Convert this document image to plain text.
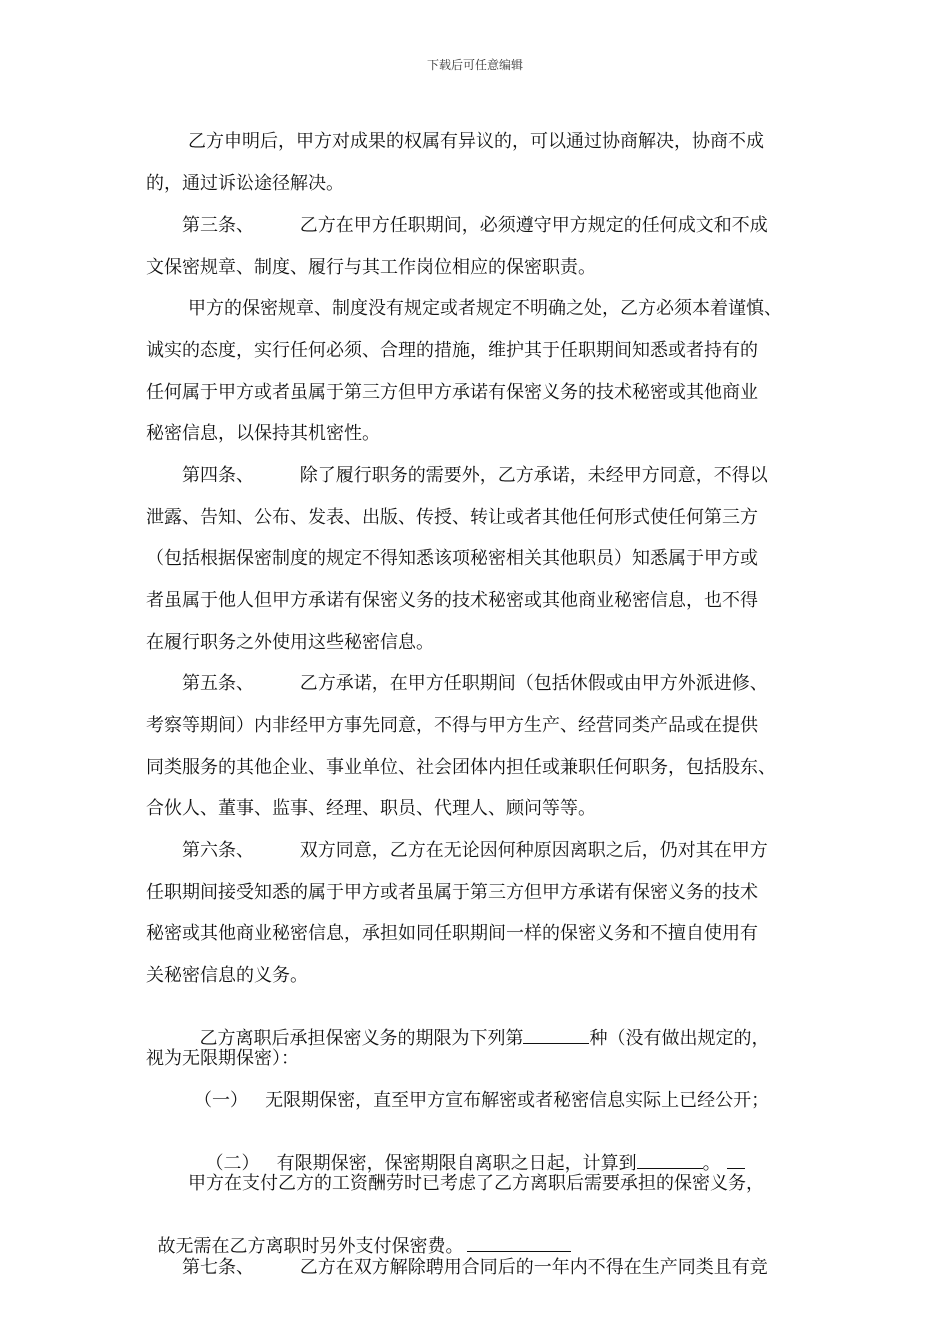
下载后可任意编辑
乙方申明后，甲方对成果的权属有异议的，可以通过协商解决，协商不成
的，通过诉讼途径解决。
第三条、        乙方在甲方任职期间，必须遵守甲方规定的任何成文和不成
文保密规章、制度、履行与其工作岗位相应的保密职责。
甲方的保密规章、制度没有规定或者规定不明确之处，乙方必须本着谨慎、
诚实的态度，实行任何必须、合理的措施，维护其于任职期间知悉或者持有的
任何属于甲方或者虽属于第三方但甲方承诺有保密义务的技术秘密或其他商业
秘密信息，以保持其机密性。
第四条、        除了履行职务的需要外，乙方承诺，未经甲方同意，不得以
泄露、告知、公布、发表、出版、传授、转让或者其他任何形式使任何第三方
（包括根据保密制度的规定不得知悉该项秘密相关其他职员）知悉属于甲方或
者虽属于他人但甲方承诺有保密义务的技术秘密或其他商业秘密信息，也不得
在履行职务之外使用这些秘密信息。
第五条、        乙方承诺，在甲方任职期间（包括休假或由甲方外派进修、
考察等期间）内非经甲方事先同意，不得与甲方生产、经营同类产品或在提供
同类服务的其他企业、事业单位、社会团体内担任或兼职任何职务，包括股东、
合伙人、董事、监事、经理、职员、代理人、顾问等等。
第六条、        双方同意，乙方在无论因何种原因离职之后，仍对其在甲方
任职期间接受知悉的属于甲方或者虽属于第三方但甲方承诺有保密义务的技术
秘密或其他商业秘密信息，承担如同任职期间一样的保密义务和不擅自使用有
关秘密信息的义务。

乙方离职后承担保密义务的期限为下列第	种（没有做出规定的，

视为无限期保密）：
（一）   无限期保密，直至甲方宣布解密或者秘密信息实际上已经公开；

（二）   有限期保密，保密期限自离职之日起，计算到	。

甲方在支付乙方的工资酬劳时已考虑了乙方离职后需要承担的保密义务，

故无需在乙方离职时另外支付保密费。

第七条、        乙方在双方解除聘用合同后的一年内不得在生产同类且有竞
